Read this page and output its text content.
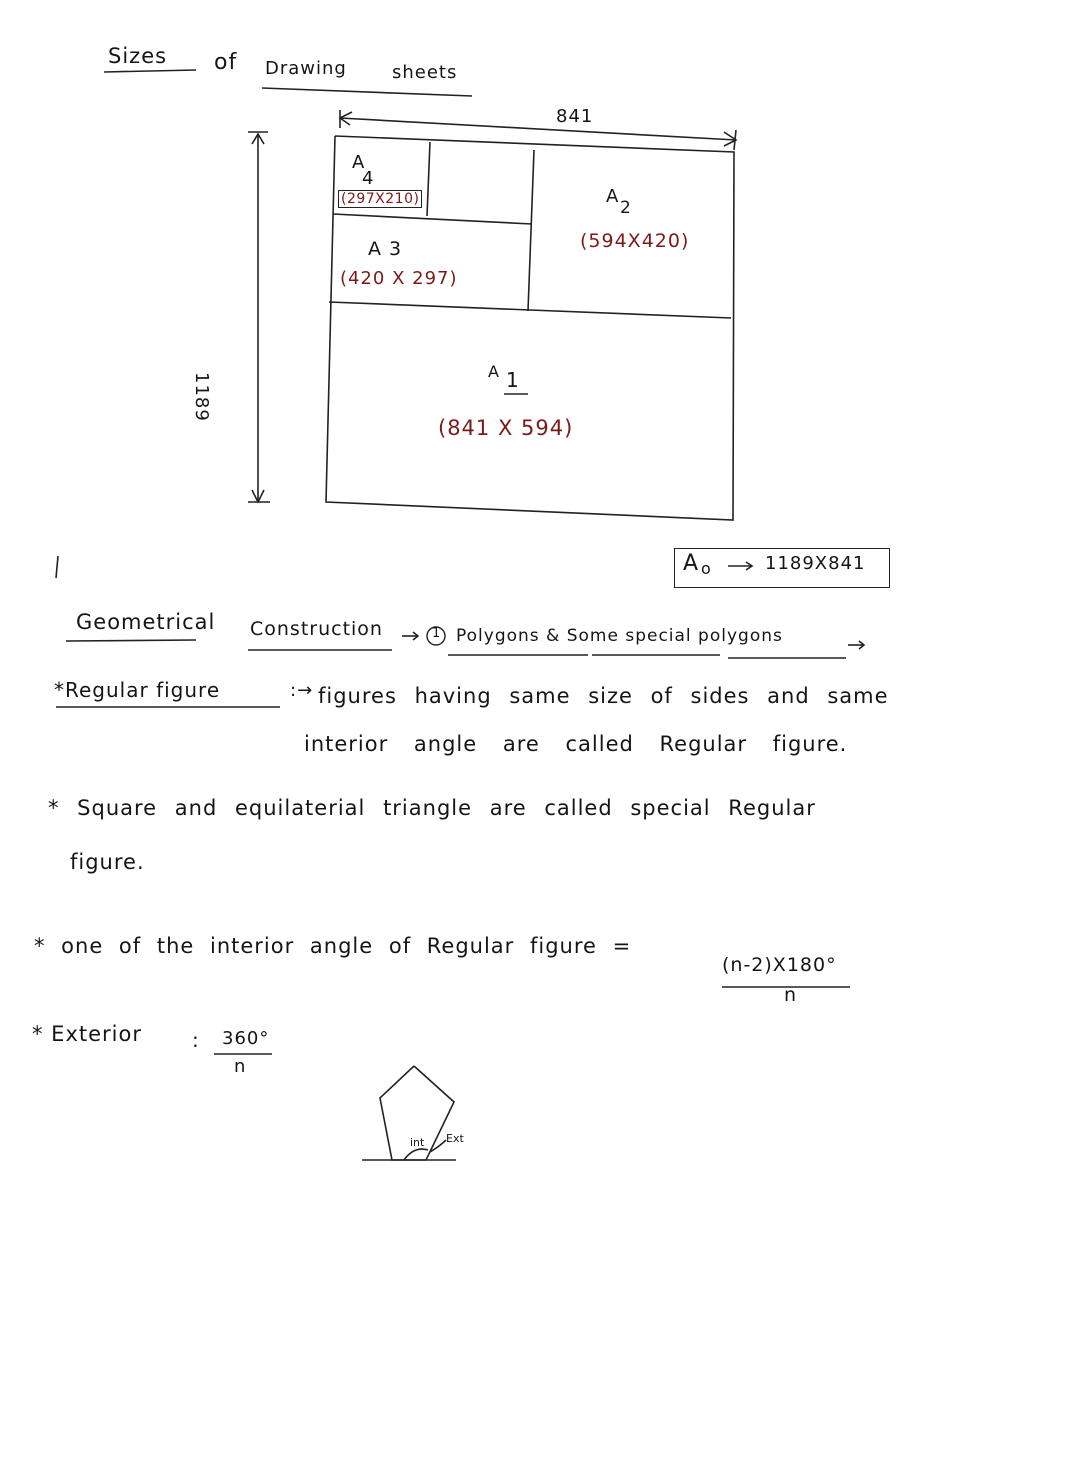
Sizes of Drawing	sheets
841
1189
A
4
(297X210)
A 3
(420 X 297)
A
2
(594X420)
A 1
(841 X 594)
A o	1189X841
Geometrical Construction	1 Polygons & Some special polygons
*Regular figure	:→ figures having same size of sides and same
interior angle are called Regular figure.
* Square and equilaterial triangle are called special Regular
figure.
* one of the interior angle of Regular figure =
(n-2)X180°
n
* Exterior	: 360°
n
int Ext
